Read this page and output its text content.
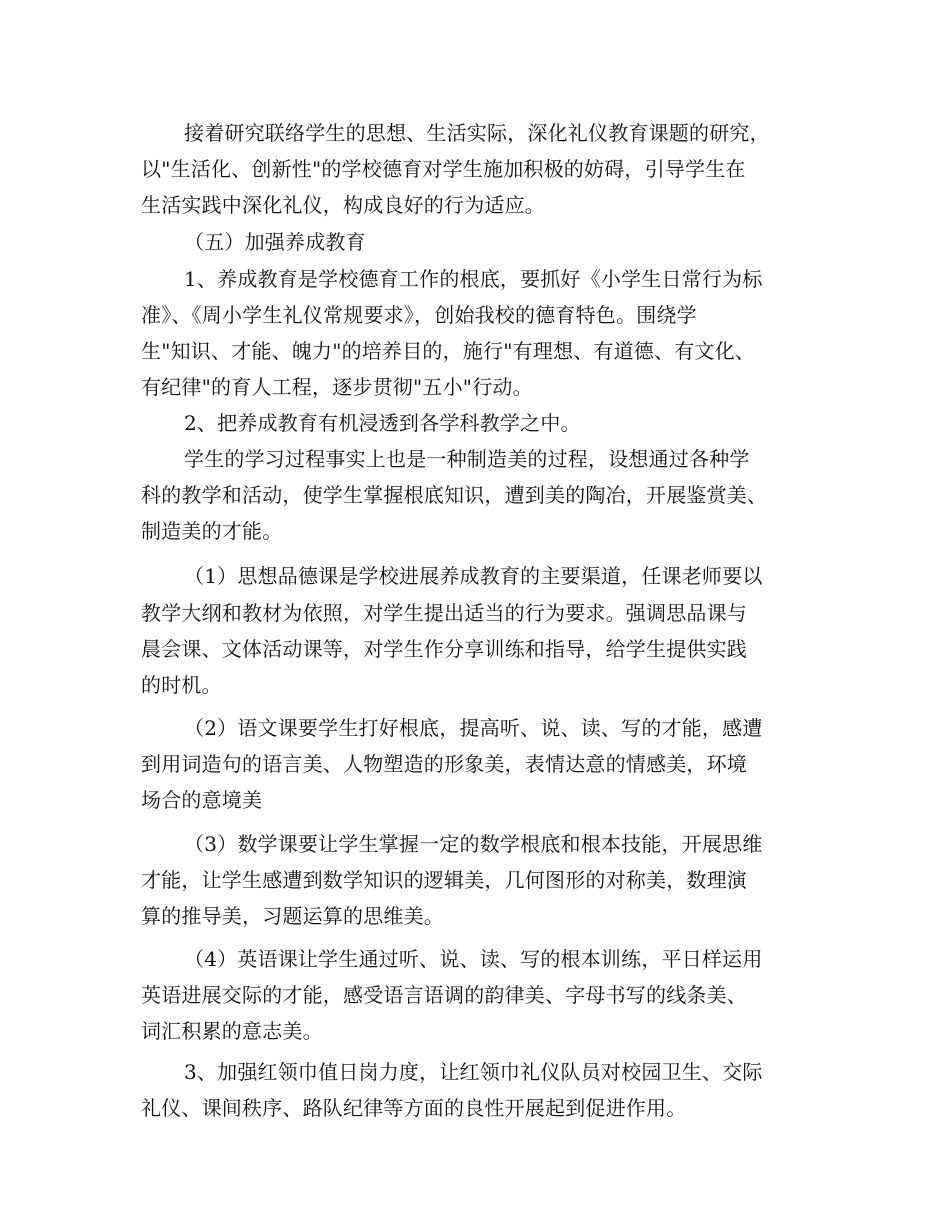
接着研究联络学生的思想、生活实际，深化礼仪教育课题的研究，
以"生活化、创新性"的学校德育对学生施加积极的妨碍，引导学生在
生活实践中深化礼仪，构成良好的行为适应。
（五）加强养成教育
1、养成教育是学校德育工作的根底，要抓好《小学生日常行为标
准》、《周小学生礼仪常规要求》，创始我校的德育特色。围绕学
生"知识、才能、魄力"的培养目的，施行"有理想、有道德、有文化、
有纪律"的育人工程，逐步贯彻"五小"行动。
2、把养成教育有机浸透到各学科教学之中。
学生的学习过程事实上也是一种制造美的过程，设想通过各种学
科的教学和活动，使学生掌握根底知识，遭到美的陶冶，开展鉴赏美、
制造美的才能。
（1）思想品德课是学校进展养成教育的主要渠道，任课老师要以
教学大纲和教材为依照，对学生提出适当的行为要求。强调思品课与
晨会课、文体活动课等，对学生作分享训练和指导，给学生提供实践
的时机。
（2）语文课要学生打好根底，提高听、说、读、写的才能，感遭
到用词造句的语言美、人物塑造的形象美，表情达意的情感美，环境
场合的意境美
（3）数学课要让学生掌握一定的数学根底和根本技能，开展思维
才能，让学生感遭到数学知识的逻辑美，几何图形的对称美，数理演
算的推导美，习题运算的思维美。
（4）英语课让学生通过听、说、读、写的根本训练，平日样运用
英语进展交际的才能，感受语言语调的韵律美、字母书写的线条美、
词汇积累的意志美。
3、加强红领巾值日岗力度，让红领巾礼仪队员对校园卫生、交际
礼仪、课间秩序、路队纪律等方面的良性开展起到促进作用。
